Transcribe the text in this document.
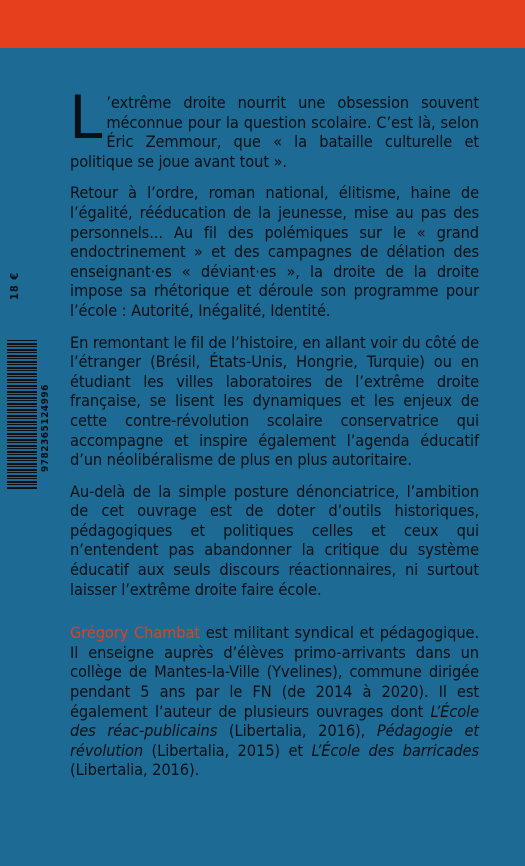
18 €
9782365124996

L ’extrême droite nourrit une obsession souvent méconnue pour la question scolaire. C’est là, selon Éric Zemmour, que « la bataille culturelle et politique se joue avant tout ».

Retour à l’ordre, roman national, élitisme, haine de l’égalité, rééducation de la jeunesse, mise au pas des personnels... Au fil des polémiques sur le « grand endoctrinement » et des campagnes de délation des enseignant·es « déviant·es », la droite de la droite impose sa rhétorique et déroule son programme pour l’école : Autorité, Inégalité, Identité.

En remontant le fil de l’histoire, en allant voir du côté de l’étranger (Brésil, États-Unis, Hongrie, Turquie) ou en étudiant les villes laboratoires de l’extrême droite française, se lisent les dynamiques et les enjeux de cette contre-révolution scolaire conservatrice qui accompagne et inspire également l’agenda éducatif d’un néolibéralisme de plus en plus autoritaire.

Au-delà de la simple posture dénonciatrice, l’ambition de cet ouvrage est de doter d’outils historiques, pédagogiques et politiques celles et ceux qui n’entendent pas abandonner la critique du système éducatif aux seuls discours réactionnaires, ni surtout laisser l’extrême droite faire école.

Grégory Chambat est militant syndical et pédagogique. Il enseigne auprès d’élèves primo-arrivants dans un collège de Mantes-la-Ville (Yvelines), commune dirigée pendant 5 ans par le FN (de 2014 à 2020). Il est également l’auteur de plusieurs ouvrages dont L’École des réac-publicains (Libertalia, 2016), Pédagogie et révolution (Libertalia, 2015) et L’École des barricades (Libertalia, 2016).
